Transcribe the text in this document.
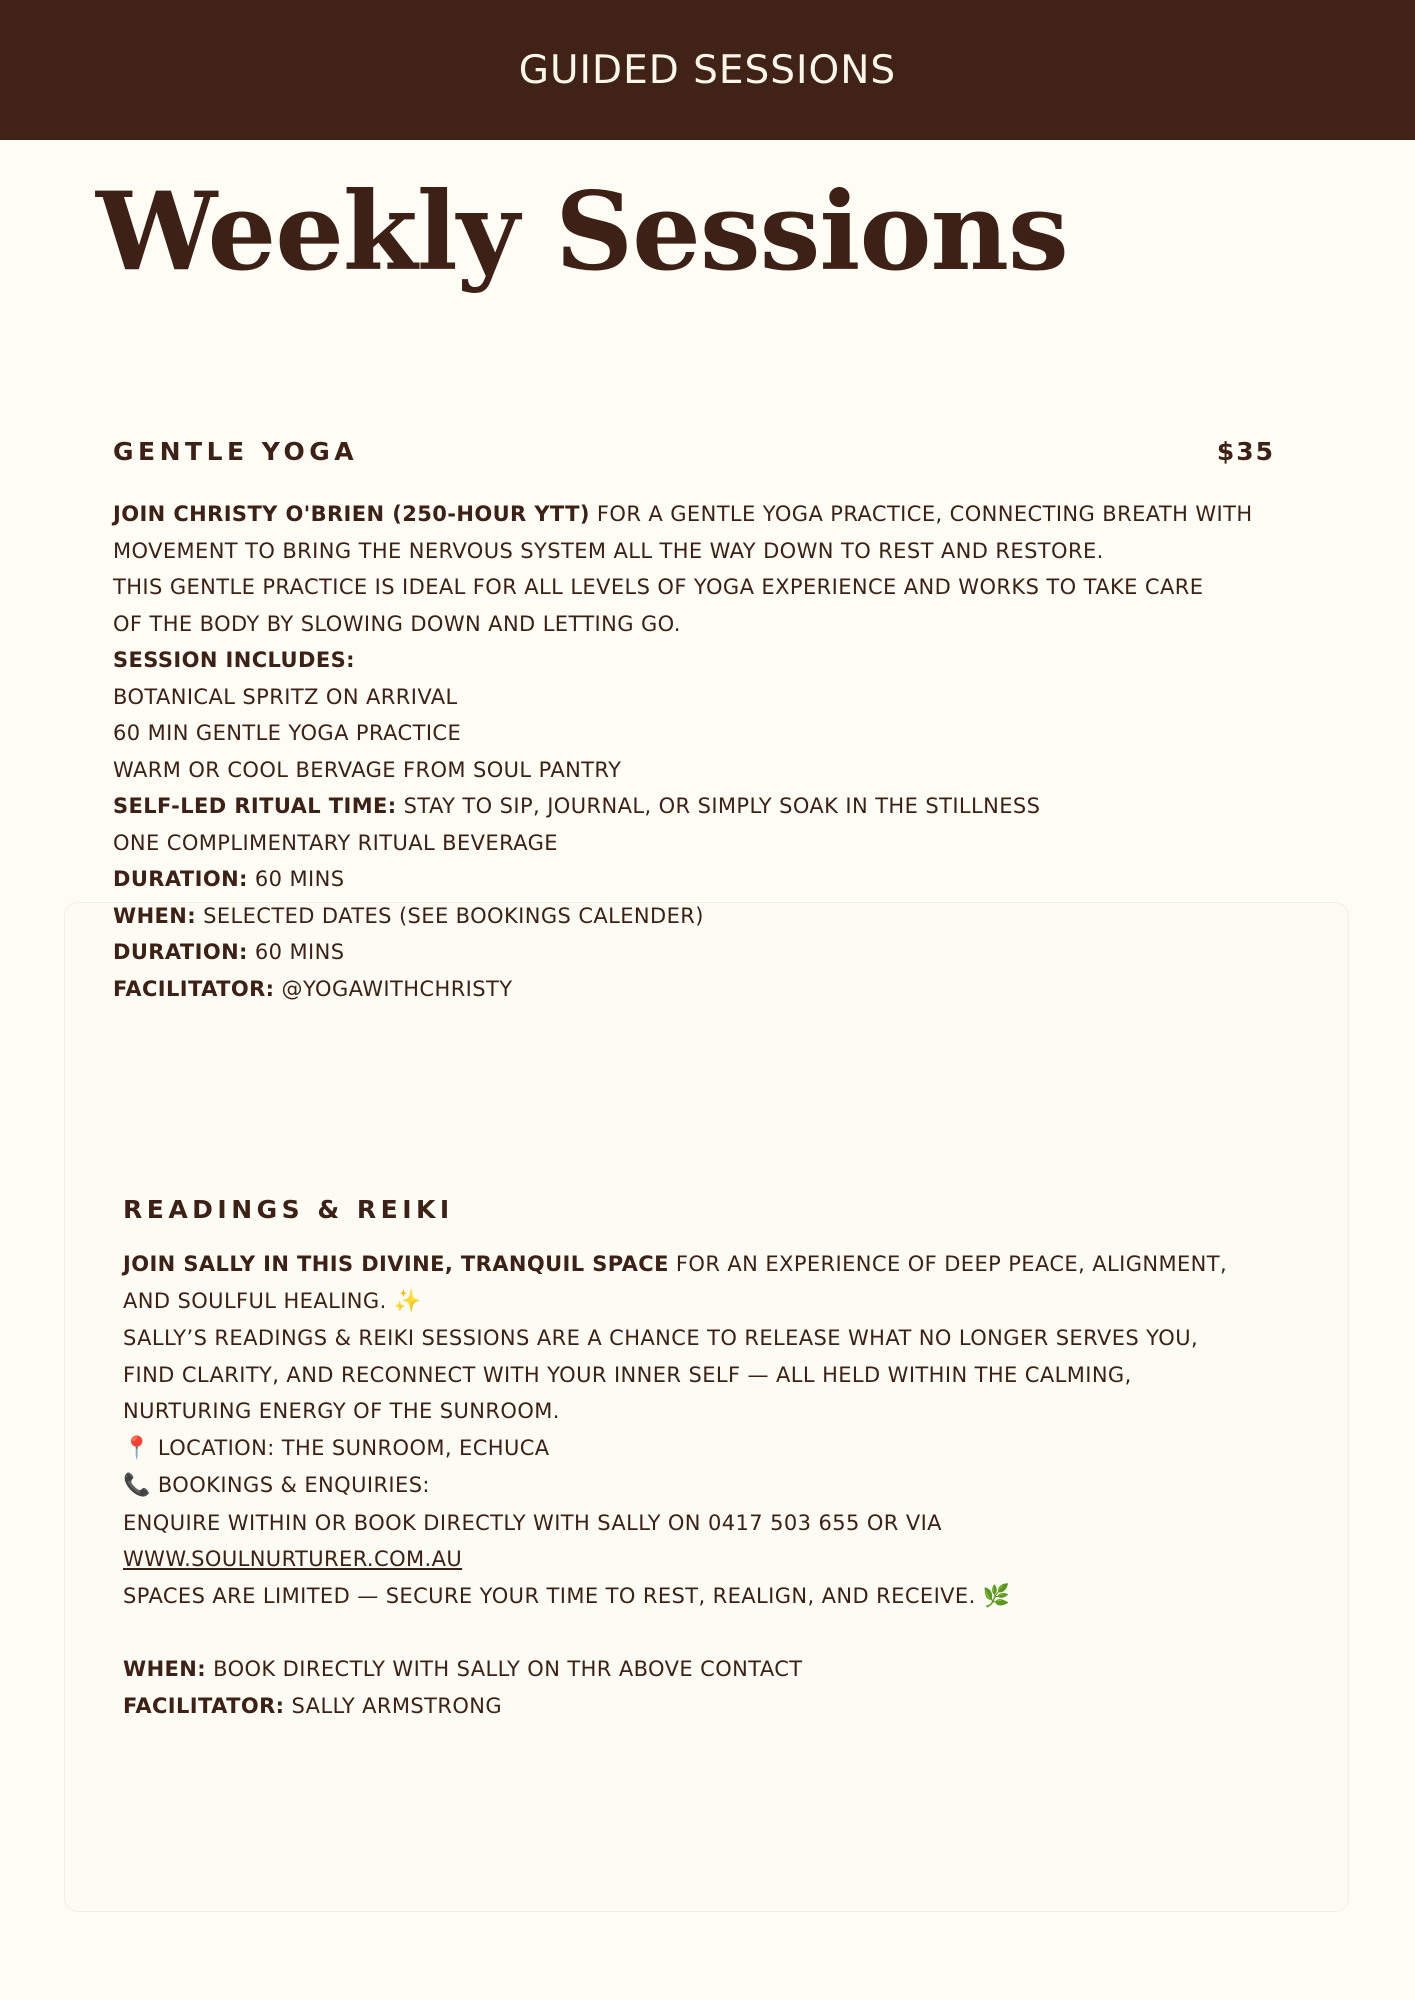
GUIDED SESSIONS
Weekly Sessions
GENTLE YOGA	$35

JOIN CHRISTY O'BRIEN (250-HOUR YTT) FOR A GENTLE YOGA PRACTICE, CONNECTING BREATH WITH

MOVEMENT TO BRING THE NERVOUS SYSTEM ALL THE WAY DOWN TO REST AND RESTORE.

THIS GENTLE PRACTICE IS IDEAL FOR ALL LEVELS OF YOGA EXPERIENCE AND WORKS TO TAKE CARE

OF THE BODY BY SLOWING DOWN AND LETTING GO.

SESSION INCLUDES:

BOTANICAL SPRITZ ON ARRIVAL

60 MIN GENTLE YOGA PRACTICE

WARM OR COOL BERVAGE FROM SOUL PANTRY

SELF-LED RITUAL TIME: STAY TO SIP, JOURNAL, OR SIMPLY SOAK IN THE STILLNESS

ONE COMPLIMENTARY RITUAL BEVERAGE

DURATION: 60 MINS

WHEN: SELECTED DATES (SEE BOOKINGS CALENDER)

DURATION: 60 MINS

FACILITATOR: @YOGAWITHCHRISTY

READINGS & REIKI

JOIN SALLY IN THIS DIVINE, TRANQUIL SPACE FOR AN EXPERIENCE OF DEEP PEACE, ALIGNMENT,

AND SOULFUL HEALING. ✨

SALLY’S READINGS & REIKI SESSIONS ARE A CHANCE TO RELEASE WHAT NO LONGER SERVES YOU,

FIND CLARITY, AND RECONNECT WITH YOUR INNER SELF — ALL HELD WITHIN THE CALMING,

NURTURING ENERGY OF THE SUNROOM.

📍 LOCATION: THE SUNROOM, ECHUCA

📞 BOOKINGS & ENQUIRIES:

ENQUIRE WITHIN OR BOOK DIRECTLY WITH SALLY ON 0417 503 655 OR VIA

WWW.SOULNURTURER.COM.AU

SPACES ARE LIMITED — SECURE YOUR TIME TO REST, REALIGN, AND RECEIVE. 🌿

WHEN: BOOK DIRECTLY WITH SALLY ON THR ABOVE CONTACT

FACILITATOR: SALLY ARMSTRONG
